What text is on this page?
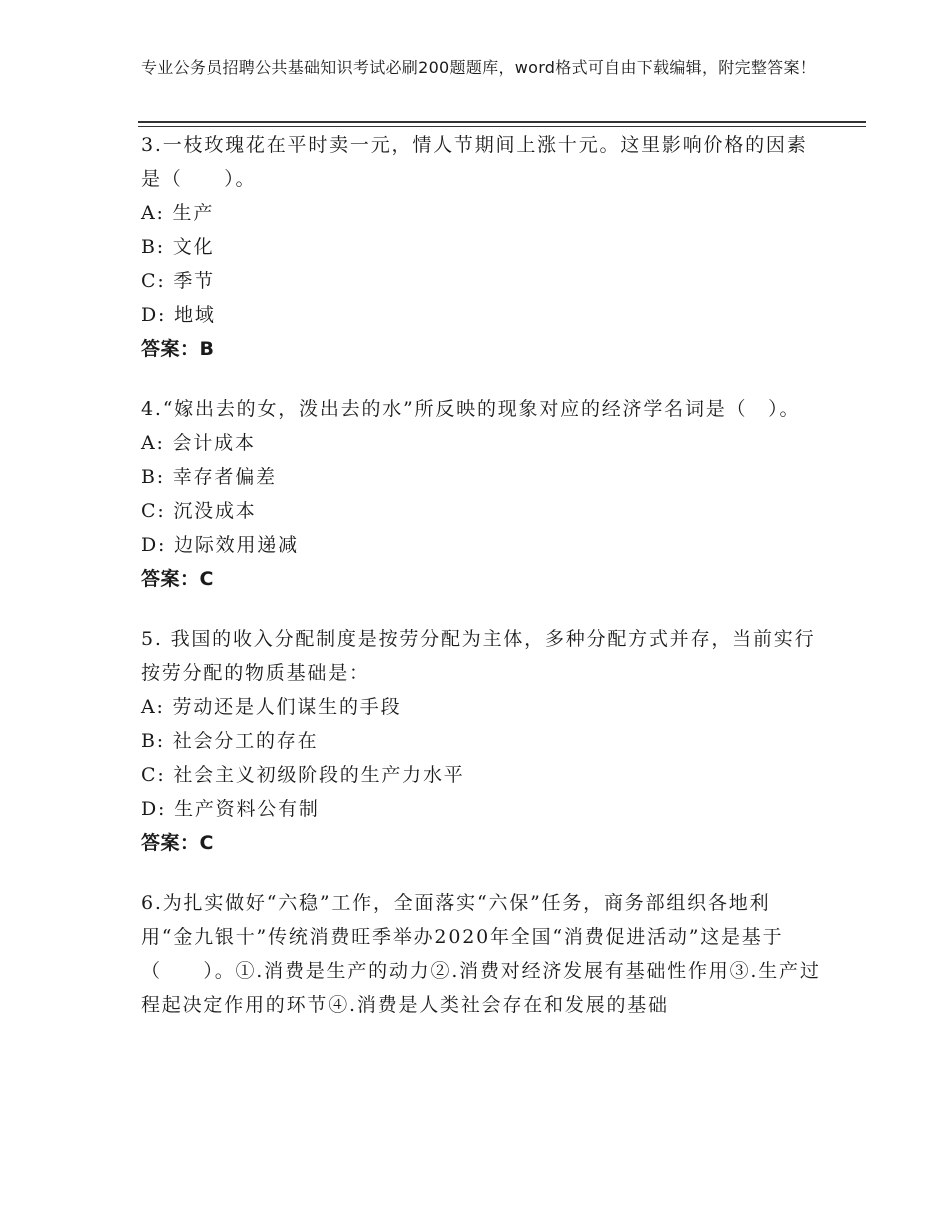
专业公务员招聘公共基础知识考试必刷200题题库，word格式可自由下载编辑，附完整答案！
3.一枝玫瑰花在平时卖一元，情人节期间上涨十元。这里影响价格的因素是（　　）。
A: 生产
B: 文化
C: 季节
D: 地域
答案：B
4.“嫁出去的女，泼出去的水”所反映的现象对应的经济学名词是（　）。
A: 会计成本
B: 幸存者偏差
C: 沉没成本
D: 边际效用递减
答案：C
5. 我国的收入分配制度是按劳分配为主体，多种分配方式并存，当前实行按劳分配的物质基础是：
A: 劳动还是人们谋生的手段
B: 社会分工的存在
C: 社会主义初级阶段的生产力水平
D: 生产资料公有制
答案：C
6.为扎实做好“六稳”工作，全面落实“六保”任务，商务部组织各地利用“金九银十”传统消费旺季举办2020年全国“消费促进活动”这是基于（　　）。①.消费是生产的动力②.消费对经济发展有基础性作用③.生产过程起决定作用的环节④.消费是人类社会存在和发展的基础
